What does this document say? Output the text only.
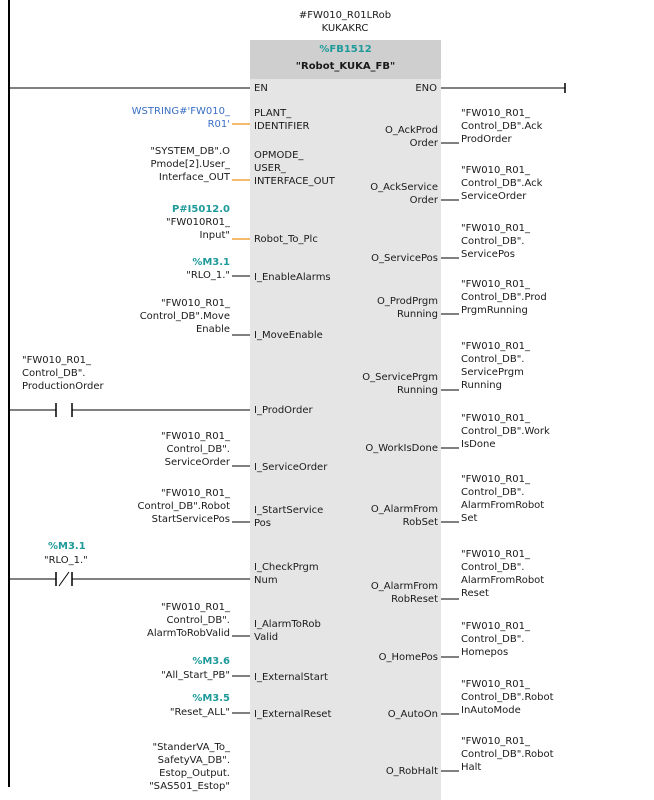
#FW010_R01LRob
KUKAKRC
%FB1512
"Robot_KUKA_FB"
EN	ENO
WSTRING#'FW010_
R01'
PLANT_
IDENTIFIER
"SYSTEM_DB".O
Pmode[2].User_
Interface_OUT
OPMODE_
USER_
INTERFACE_OUT
P#I5012.0
"FW010R01_
Input" Robot_To_Plc
%M3.1
"RLO_1." I_EnableAlarms
"FW010_R01_
Control_DB".Move
Enable
I_MoveEnable
"FW010_R01_
Control_DB".
ProductionOrder
I_ProdOrder
"FW010_R01_
Control_DB".
ServiceOrder I_ServiceOrder
"FW010_R01_
Control_DB".Robot
StartServicePos
I_StartService
Pos
%M3.1
"RLO_1."
I_CheckPrgm
Num
"FW010_R01_
Control_DB".
AlarmToRobValid
I_AlarmToRob
Valid
%M3.6
"All_Start_PB" I_ExternalStart
%M3.5
"Reset_ALL" I_ExternalReset
"StanderVA_To_
SafetyVA_DB".
Estop_Output.
"SAS501_Estop"
O_AckProd
Order
"FW010_R01_
Control_DB".Ack
ProdOrder
O_AckService
Order
"FW010_R01_
Control_DB".Ack
ServiceOrder
O_ServicePos
"FW010_R01_
Control_DB".
ServicePos
O_ProdPrgm
Running
"FW010_R01_
Control_DB".Prod
PrgmRunning
O_ServicePrgm
Running
"FW010_R01_
Control_DB".
ServicePrgm
Running
O_WorkIsDone
"FW010_R01_
Control_DB".Work
IsDone
O_AlarmFrom
RobSet
"FW010_R01_
Control_DB".
AlarmFromRobot
Set
O_AlarmFrom
RobReset
"FW010_R01_
Control_DB".
AlarmFromRobot
Reset
O_HomePos
"FW010_R01_
Control_DB".
Homepos
O_AutoOn
"FW010_R01_
Control_DB".Robot
InAutoMode
O_RobHalt
"FW010_R01_
Control_DB".Robot
Halt
